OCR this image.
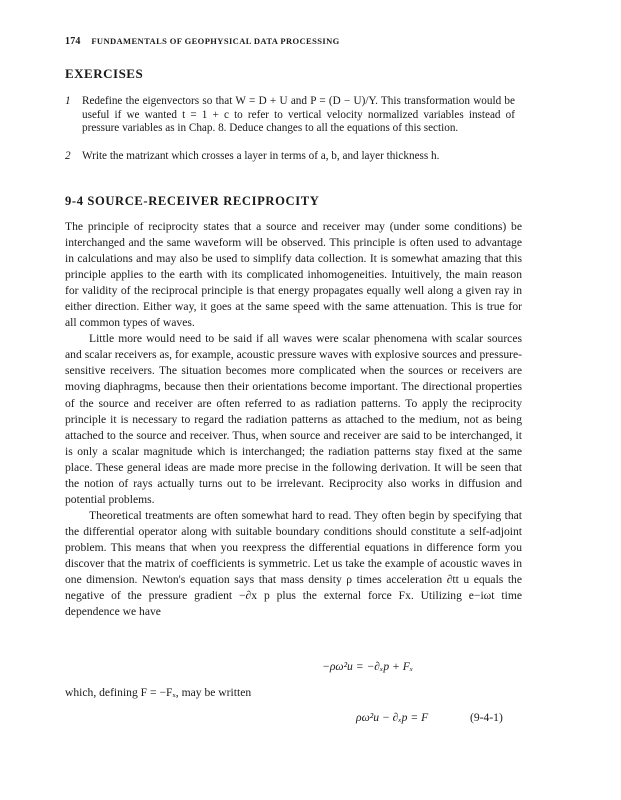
174 FUNDAMENTALS OF GEOPHYSICAL DATA PROCESSING
EXERCISES
1 Redefine the eigenvectors so that W = D + U and P = (D − U)/Y. This transformation would be useful if we wanted t = 1 + c to refer to vertical velocity normalized variables instead of pressure variables as in Chap. 8. Deduce changes to all the equations of this section.
2 Write the matrizant which crosses a layer in terms of a, b, and layer thickness h.
9-4 SOURCE-RECEIVER RECIPROCITY

The principle of reciprocity states that a source and receiver may (under some conditions) be interchanged and the same waveform will be observed. This principle is often used to advantage in calculations and may also be used to simplify data collection. It is somewhat amazing that this principle applies to the earth with its complicated inhomogeneities. Intuitively, the main reason for validity of the reciprocal principle is that energy propagates equally well along a given ray in either direction. Either way, it goes at the same speed with the same attenuation. This is true for all common types of waves.

Little more would need to be said if all waves were scalar phenomena with scalar sources and scalar receivers as, for example, acoustic pressure waves with explosive sources and pressure-sensitive receivers. The situation becomes more complicated when the sources or receivers are moving diaphragms, because then their orientations become important. The directional properties of the source and receiver are often referred to as radiation patterns. To apply the reciprocity principle it is necessary to regard the radiation patterns as attached to the medium, not as being attached to the source and receiver. Thus, when source and receiver are said to be interchanged, it is only a scalar magnitude which is interchanged; the radiation patterns stay fixed at the same place. These general ideas are made more precise in the following derivation. It will be seen that the notion of rays actually turns out to be irrelevant. Reciprocity also works in diffusion and potential problems.

Theoretical treatments are often somewhat hard to read. They often begin by specifying that the differential operator along with suitable boundary conditions should constitute a self-adjoint problem. This means that when you reexpress the differential equations in difference form you discover that the matrix of coefficients is symmetric. Let us take the example of acoustic waves in one dimension. Newton's equation says that mass density ρ times acceleration ∂tt u equals the negative of the pressure gradient −∂x p plus the external force Fx. Utilizing e−iωt time dependence we have

−ρω²u = −∂ₓp + Fₓ
which, defining F = −Fₓ, may be written
ρω²u − ∂ₓp = F	(9-4-1)
